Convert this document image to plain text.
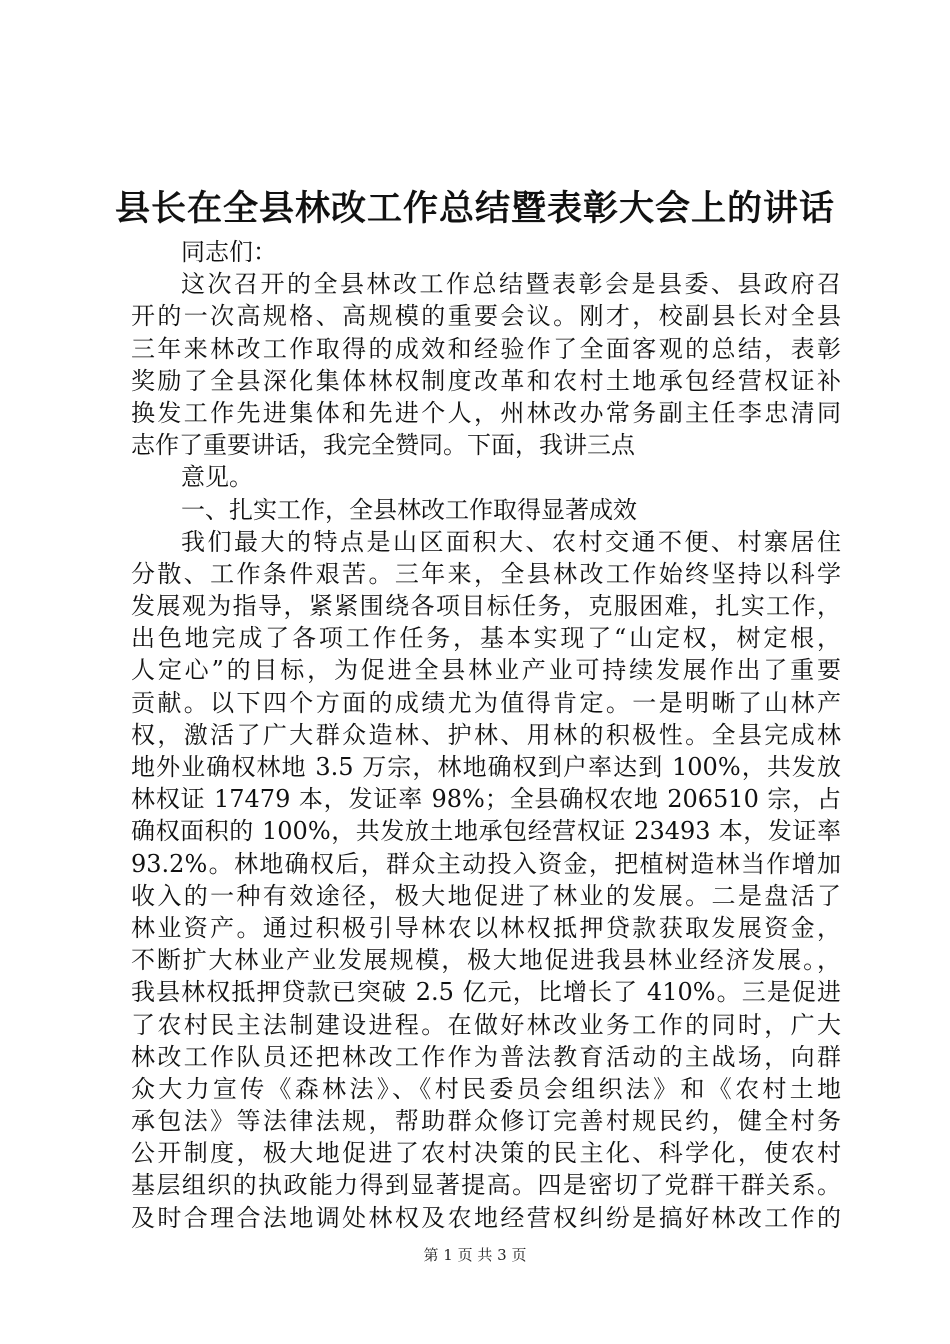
县长在全县林改工作总结暨表彰大会上的讲话
同志们：
这次召开的全县林改工作总结暨表彰会是县委、县政府召
开的一次高规格、高规模的重要会议。刚才，校副县长对全县
三年来林改工作取得的成效和经验作了全面客观的总结，表彰
奖励了全县深化集体林权制度改革和农村土地承包经营权证补
换发工作先进集体和先进个人，州林改办常务副主任李忠清同
志作了重要讲话，我完全赞同。下面，我讲三点
意见。
一、扎实工作，全县林改工作取得显著成效
我们最大的特点是山区面积大、农村交通不便、村寨居住
分散、工作条件艰苦。三年来，全县林改工作始终坚持以科学
发展观为指导，紧紧围绕各项目标任务，克服困难，扎实工作，
出色地完成了各项工作任务，基本实现了“山定权，树定根，
人定心”的目标，为促进全县林业产业可持续发展作出了重要
贡献。以下四个方面的成绩尤为值得肯定。一是明晰了山林产
权，激活了广大群众造林、护林、用林的积极性。全县完成林
地外业确权林地 3.5 万宗，林地确权到户率达到 100%，共发放
林权证 17479 本，发证率 98%；全县确权农地 206510 宗，占
确权面积的 100%，共发放土地承包经营权证 23493 本，发证率
93.2%。林地确权后，群众主动投入资金，把植树造林当作增加
收入的一种有效途径，极大地促进了林业的发展。二是盘活了
林业资产。通过积极引导林农以林权抵押贷款获取发展资金，
不断扩大林业产业发展规模，极大地促进我县林业经济发展。，
我县林权抵押贷款已突破 2.5 亿元，比增长了 410%。三是促进
了农村民主法制建设进程。在做好林改业务工作的同时，广大
林改工作队员还把林改工作作为普法教育活动的主战场，向群
众大力宣传《森林法》、《村民委员会组织法》和《农村土地
承包法》等法律法规，帮助群众修订完善村规民约，健全村务
公开制度，极大地促进了农村决策的民主化、科学化，使农村
基层组织的执政能力得到显著提高。四是密切了党群干群关系。
及时合理合法地调处林权及农地经营权纠纷是搞好林改工作的
第 1 页 共 3 页
